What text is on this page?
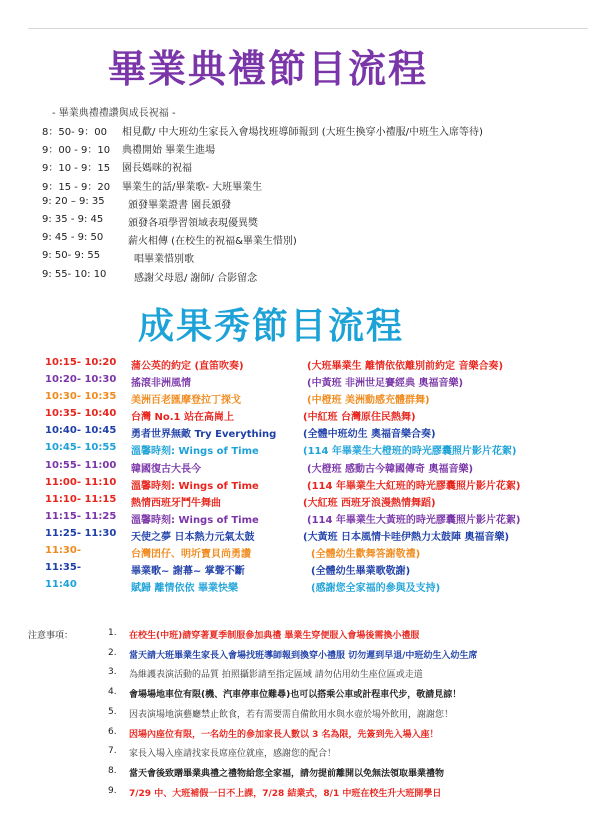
畢業典禮節目流程
- 畢業典禮禮讚與成長祝福 -
8：50- 9：00 相見歡/ 中大班幼生家長入會場找班導師報到 (大班生換穿小禮服/中班生入席等待)
9：00 - 9：10 典禮開始 畢業生進場
9：10 - 9：15 園長媽咪的祝福
9：15 - 9：20 畢業生的話/畢業歌- 大班畢業生
9: 20 – 9: 35 頒發畢業證書 園長頒發
9: 35 - 9: 45 頒發各項學習領域表現優異獎
9: 45 - 9: 50 薪火相傳 (在校生的祝福&畢業生惜別)
9: 50- 9: 55	唱畢業惜別歌
9: 55- 10: 10	感謝父母恩/ 謝師/ 合影留念
成果秀節目流程
10:15- 10:20 蒲公英的約定 (直笛吹奏)	(大班畢業生 離情依依離別前約定 音樂合奏)
10:20- 10:30 搖滾非洲風情	(中黃班 非洲世足賽經典 奧福音樂)
10:30- 10:35 美洲百老匯摩登拉丁探戈	(中橙班 美洲動感充體群舞)
10:35- 10:40 台灣 No.1 站在高崗上	(中紅班 台灣原住民熱舞)
10:40- 10:45 勇者世界無敵 Try Everything	(全體中班幼生 奧福音樂合奏)
10:45- 10:55 溫馨時刻: Wings of Time	(114 年畢業生大橙班的時光膠囊照片影片花絮)
10:55- 11:00 韓國復古大長今	(大橙班 感動古今韓國傳奇 奧福音樂)
11:00- 11:10 溫馨時刻: Wings of Time	(114 年畢業生大紅班的時光膠囊照片影片花絮)
11:10- 11:15 熱情西班牙鬥牛舞曲	(大紅班 西班牙浪漫熱情舞蹈)
11:15- 11:25 溫馨時刻: Wings of Time	(114 年畢業生大黃班的時光膠囊照片影片花絮)
11:25- 11:30 天使之夢 日本熱力元氣太鼓	(大黃班 日本風情卡哇伊熱力太鼓陣 奧福音樂)
11:30-	台灣囝仔、明圻寶貝尚勇讚	(全體幼生歡舞答謝敬禮)
11:35-	畢業歌~ 謝幕~ 掌聲不斷	(全體幼生畢業歌敬謝)
11:40	賦歸 離情依依 畢業快樂	(感謝您全家福的參與及支持)
注意事項：	1. 在校生(中班)請穿著夏季制服參加典禮 畢業生穿便服入會場後需換小禮服
2. 當天請大班畢業生家長入會場找班導師報到換穿小禮服 切勿遲到早退/中班幼生入幼生席
3. 為維護表演活動的品質 拍照攝影請至指定區域 請勿佔用幼生座位區或走道
4. 會場場地車位有限(機、汽車停車位難尋)也可以搭乘公車或計程車代步，敬請見諒！
5. 因表演場地演藝廳禁止飲食，若有需要需自備飲用水與水壺於場外飲用，謝謝您！
6. 因場內座位有限，一名幼生的參加家長人數以 3 名為限，先簽到先入場入座！
7. 家長入場入座請找家長席座位就座，感謝您的配合！
8. 當天會後致贈畢業典禮之禮物給您全家福，請勿提前離開以免無法領取畢業禮物
9. 7/29 中、大班補假一日不上課，7/28 結業式，8/1 中班在校生升大班開學日
